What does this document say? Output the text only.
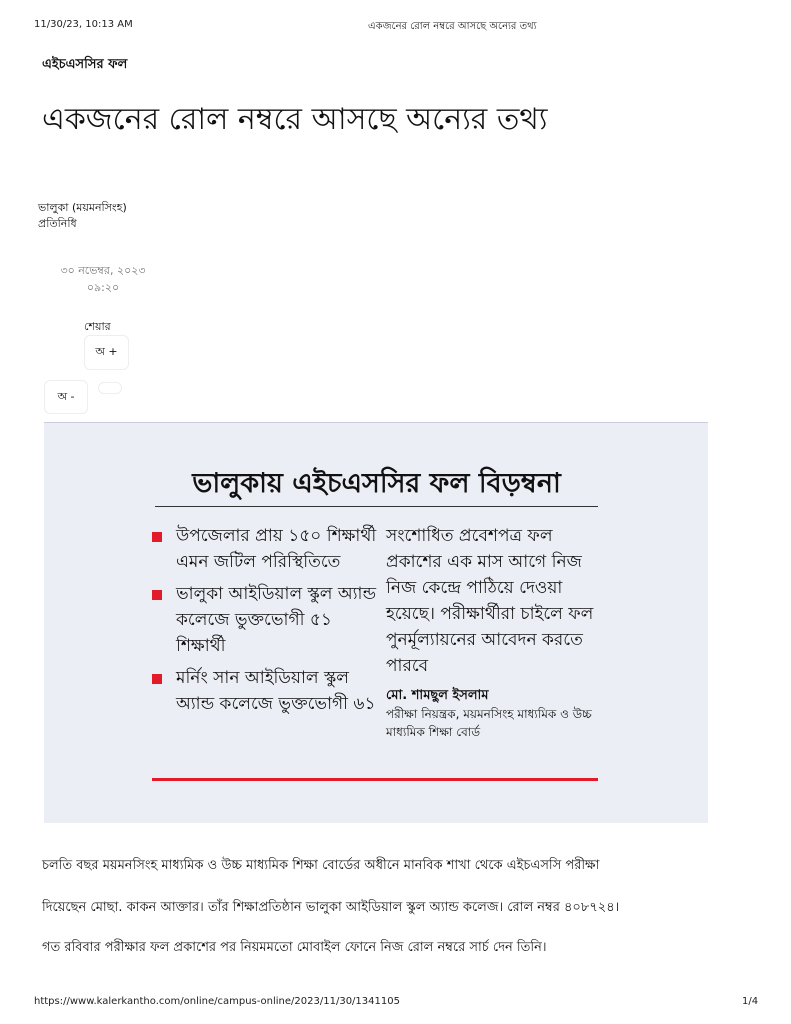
11/30/23, 10:13 AM	একজনের রোল নম্বরে আসছে অন্যের তথ্য
এইচএসসির ফল
একজনের রোল নম্বরে আসছে অন্যের তথ্য
ভালুকা (ময়মনসিংহ)
প্রতিনিধি
৩০ নভেম্বর, ২০২৩
০৯:২০
শেয়ার
অ +
অ -
ভালুকায় এইচএসসির ফল বিড়ম্বনা
উপজেলার প্রায় ১৫০ শিক্ষার্থী এমন জটিল পরিস্থিতিতে
ভালুকা আইডিয়াল স্কুল অ্যান্ড কলেজে ভুক্তভোগী ৫১ শিক্ষার্থী
মর্নিং সান আইডিয়াল স্কুল অ্যান্ড কলেজে ভুক্তভোগী ৬১
সংশোধিত প্রবেশপত্র ফল প্রকাশের এক মাস আগে নিজ নিজ কেন্দ্রে পাঠিয়ে দেওয়া হয়েছে। পরীক্ষার্থীরা চাইলে ফল পুনর্মূল্যায়নের আবেদন করতে পারবে
মো. শামছুল ইসলাম
পরীক্ষা নিয়ন্ত্রক, ময়মনসিংহ মাধ্যমিক ও উচ্চ মাধ্যমিক শিক্ষা বোর্ড
চলতি বছর ময়মনসিংহ মাধ্যমিক ও উচ্চ মাধ্যমিক শিক্ষা বোর্ডের অধীনে মানবিক শাখা থেকে এইচএসসি পরীক্ষা
দিয়েছেন মোছা. কাকন আক্তার। তাঁর শিক্ষাপ্রতিষ্ঠান ভালুকা আইডিয়াল স্কুল অ্যান্ড কলেজ। রোল নম্বর ৪০৮৭২৪।
গত রবিবার পরীক্ষার ফল প্রকাশের পর নিয়মমতো মোবাইল ফোনে নিজ রোল নম্বরে সার্চ দেন তিনি।
https://www.kalerkantho.com/online/campus-online/2023/11/30/1341105	1/4
